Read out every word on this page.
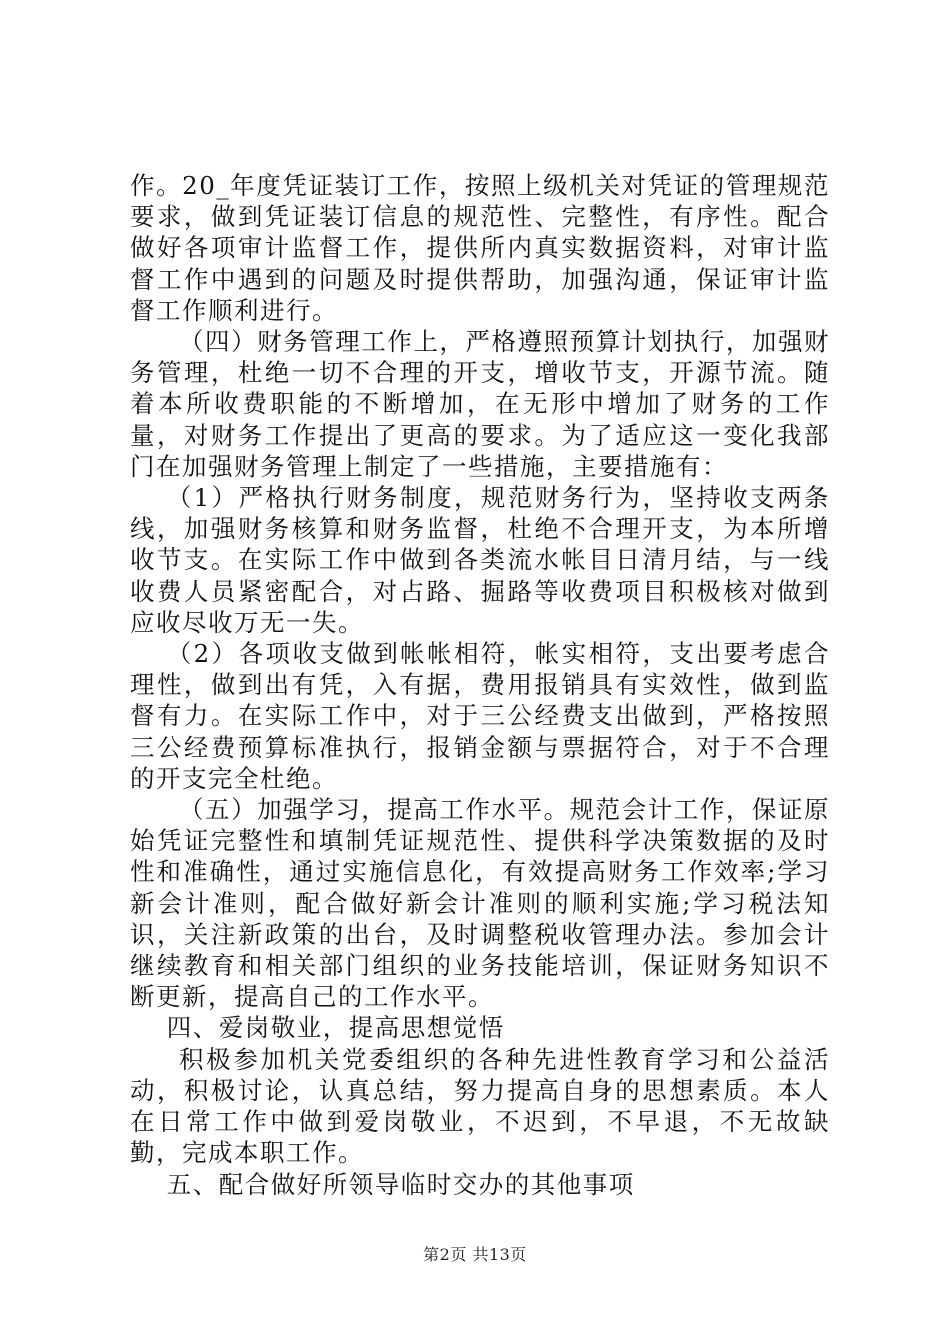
作。20_年度凭证装订工作，按照上级机关对凭证的管理规范要求，做到凭证装订信息的规范性、完整性，有序性。配合做好各项审计监督工作，提供所内真实数据资料，对审计监督工作中遇到的问题及时提供帮助，加强沟通，保证审计监督工作顺利进行。

（四）财务管理工作上，严格遵照预算计划执行，加强财务管理，杜绝一切不合理的开支，增收节支，开源节流。随着本所收费职能的不断增加，在无形中增加了财务的工作量，对财务工作提出了更高的要求。为了适应这一变化我部门在加强财务管理上制定了一些措施，主要措施有：

（1）严格执行财务制度，规范财务行为，坚持收支两条线，加强财务核算和财务监督，杜绝不合理开支，为本所增收节支。在实际工作中做到各类流水帐目日清月结，与一线收费人员紧密配合，对占路、掘路等收费项目积极核对做到应收尽收万无一失。

（2）各项收支做到帐帐相符，帐实相符，支出要考虑合理性，做到出有凭，入有据，费用报销具有实效性，做到监督有力。在实际工作中，对于三公经费支出做到，严格按照三公经费预算标准执行，报销金额与票据符合，对于不合理的开支完全杜绝。

（五）加强学习，提高工作水平。规范会计工作，保证原始凭证完整性和填制凭证规范性、提供科学决策数据的及时性和准确性，通过实施信息化，有效提高财务工作效率;学习新会计准则，配合做好新会计准则的顺利实施;学习税法知识，关注新政策的出台，及时调整税收管理办法。参加会计继续教育和相关部门组织的业务技能培训，保证财务知识不断更新，提高自己的工作水平。

四、爱岗敬业，提高思想觉悟

积极参加机关党委组织的各种先进性教育学习和公益活动，积极讨论，认真总结，努力提高自身的思想素质。本人在日常工作中做到爱岗敬业，不迟到，不早退，不无故缺勤，完成本职工作。

五、配合做好所领导临时交办的其他事项

第2页 共13页
